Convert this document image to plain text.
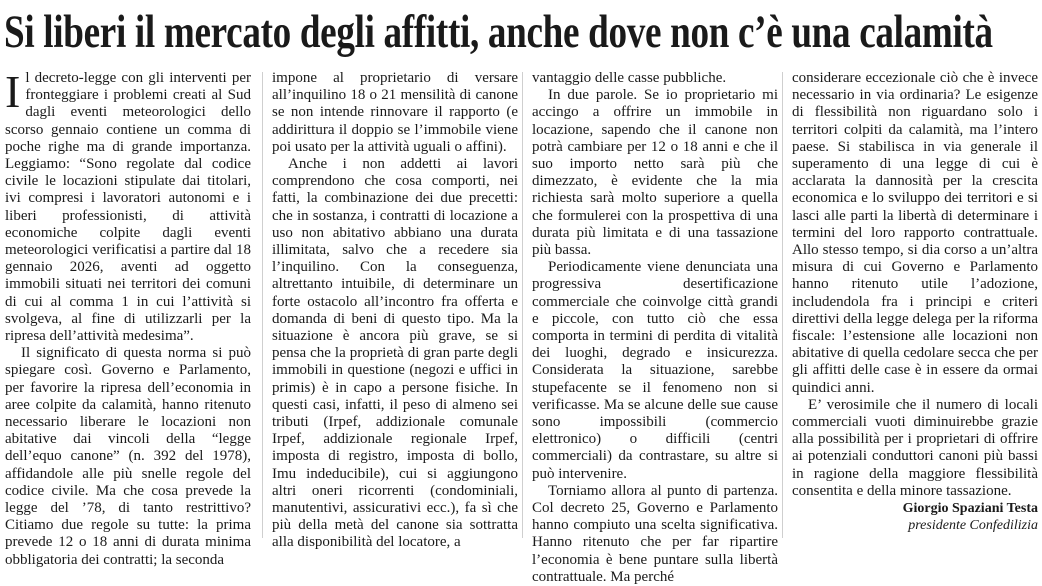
Si liberi il mercato degli affitti, anche dove non c’è una calamità

Il decreto-legge con gli interventi per fronteggiare i problemi creati al Sud dagli eventi meteorologici dello scorso gennaio contiene un comma di poche righe ma di grande importanza. Leggiamo: “Sono regolate dal codice civile le locazioni stipulate dai titolari, ivi compresi i lavoratori autonomi e i liberi professionisti, di attività economiche colpite dagli eventi meteorologici verificatisi a partire dal 18 gennaio 2026, aventi ad oggetto immobili situati nei territori dei comuni di cui al comma 1 in cui l’attività si svolgeva, al fine di utilizzarli per la ripresa dell’attività medesima”.

Il significato di questa norma si può spiegare così. Governo e Parlamento, per favorire la ripresa dell’economia in aree colpite da calamità, hanno ritenuto necessario liberare le locazioni non abitative dai vincoli della “legge dell’equo canone” (n. 392 del 1978), affidandole alle più snelle regole del codice civile. Ma che cosa prevede la legge del ’78, di tanto restrittivo? Citiamo due regole su tutte: la prima prevede 12 o 18 anni di durata minima obbligatoria dei contratti; la seconda

impone al proprietario di versare all’inquilino 18 o 21 mensilità di canone se non intende rinnovare il rapporto (e addirittura il doppio se l’immobile viene poi usato per la attività uguali o affini).

Anche i non addetti ai lavori comprendono che cosa comporti, nei fatti, la combinazione dei due precetti: che in sostanza, i contratti di locazione a uso non abitativo abbiano una durata illimitata, salvo che a recedere sia l’inquilino. Con la conseguenza, altrettanto intuibile, di determinare un forte ostacolo all’incontro fra offerta e domanda di beni di questo tipo. Ma la situazione è ancora più grave, se si pensa che la proprietà di gran parte degli immobili in questione (negozi e uffici in primis) è in capo a persone fisiche. In questi casi, infatti, il peso di almeno sei tributi (Irpef, addizionale comunale Irpef, addizionale regionale Irpef, imposta di registro, imposta di bollo, Imu indeducibile), cui si aggiungono altri oneri ricorrenti (condominiali, manutentivi, assicurativi ecc.), fa sì che più della metà del canone sia sottratta alla disponibilità del locatore, a

vantaggio delle casse pubbliche.

In due parole. Se io proprietario mi accingo a offrire un immobile in locazione, sapendo che il canone non potrà cambiare per 12 o 18 anni e che il suo importo netto sarà più che dimezzato, è evidente che la mia richiesta sarà molto superiore a quella che formulerei con la prospettiva di una durata più limitata e di una tassazione più bassa.

Periodicamente viene denunciata una progressiva desertificazione commerciale che coinvolge città grandi e piccole, con tutto ciò che essa comporta in termini di perdita di vitalità dei luoghi, degrado e insicurezza. Considerata la situazione, sarebbe stupefacente se il fenomeno non si verificasse. Ma se alcune delle sue cause sono impossibili (commercio elettronico) o difficili (centri commerciali) da contrastare, su altre si può intervenire.

Torniamo allora al punto di partenza. Col decreto 25, Governo e Parlamento hanno compiuto una scelta significativa. Hanno ritenuto che per far ripartire l’economia è bene puntare sulla libertà contrattuale. Ma perché

considerare eccezionale ciò che è invece necessario in via ordinaria? Le esigenze di flessibilità non riguardano solo i territori colpiti da calamità, ma l’intero paese. Si stabilisca in via generale il superamento di una legge di cui è acclarata la dannosità per la crescita economica e lo sviluppo dei territori e si lasci alle parti la libertà di determinare i termini del loro rapporto contrattuale. Allo stesso tempo, si dia corso a un’altra misura di cui Governo e Parlamento hanno ritenuto utile l’adozione, includendola fra i principi e criteri direttivi della legge delega per la riforma fiscale: l’estensione alle locazioni non abitative di quella cedolare secca che per gli affitti delle case è in essere da ormai quindici anni.

E’ verosimile che il numero di locali commerciali vuoti diminuirebbe grazie alla possibilità per i proprietari di offrire ai potenziali conduttori canoni più bassi in ragione della maggiore flessibilità consentita e della minore tassazione.

Giorgio Spaziani Testa
presidente Confedilizia
